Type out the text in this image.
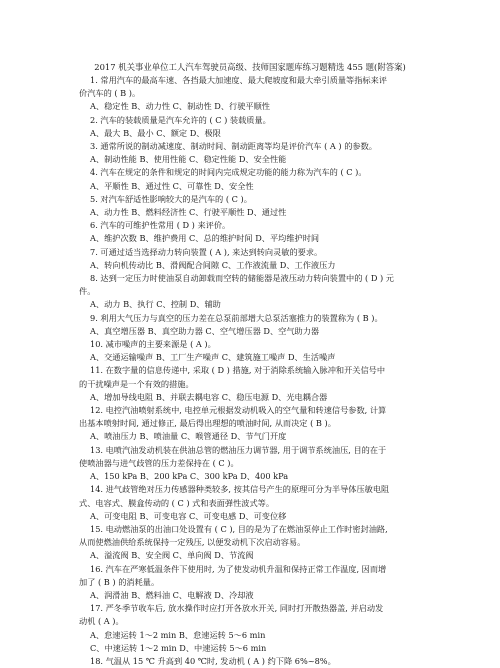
2017 机关事业单位工人汽车驾驶员高级、技师国家题库练习题精选 455 题(附答案)
1. 常用汽车的最高车速、各挡最大加速度、最大爬坡度和最大牵引质量等指标来评
价汽车的 ( B )。
A、稳定性 B、动力性 C、制动性 D、行驶平顺性
2. 汽车的装载质量是汽车允许的 ( C ) 装载质量。
A、最大 B、最小 C、额定 D、极限
3. 通常所说的制动减速度、制动时间、制动距离等均是评价汽车 ( A ) 的参数。
A、制动性能 B、使用性能 C、稳定性能 D、安全性能
4. 汽车在规定的条件和规定的时间内完成规定功能的能力称为汽车的 ( C )。
A、平顺性 B、通过性 C、可靠性 D、安全性
5. 对汽车舒适性影响较大的是汽车的 ( C )。
A、动力性 B、燃料经济性 C、行驶平顺性 D、通过性
6. 汽车的可维护性常用 ( D ) 来评价。
A、维护次数 B、维护费用 C、总的维护时间 D、平均维护时间
7. 可通过适当选择动力转向装置 ( A ), 来达到转向灵敏的要求。
A、转向机传动比 B、滑阀配合间隙 C、工作液流量 D、工作液压力
8. 达到一定压力时使油泵自动卸载而空转的储能器是液压动力转向装置中的 ( D ) 元
件。
A、动力 B、执行 C、控制 D、辅助
9. 利用大气压力与真空的压力差在总泵前部增大总泵活塞推力的装置称为 ( B )。
A、真空增压器 B、真空助力器 C、空气增压器 D、空气助力器
10. 减市噪声的主要来源是 ( A )。
A、交通运输噪声 B、工厂生产噪声 C、建筑施工噪声 D、生活噪声
11. 在数字量的信息传递中, 采取 ( D ) 措施, 对于消除系统输入脉冲和开关信号中
的干扰噪声是一个有效的措施。
A、增加导线电阻 B、并联去耦电容 C、稳压电源 D、光电耦合器
12. 电控汽油喷射系统中, 电控单元根据发动机吸入的空气量和转速信号参数, 计算
出基本喷射时间, 通过修正, 最后得出理想的喷油时间, 从而决定 ( B )。
A、喷油压力 B、喷油量 C、喉管通径 D、节气门开度
13. 电喷汽油发动机装在供油总管的燃油压力调节器, 用于调节系统油压, 目的在于
使喷油器与进气歧管的压力差保持在 ( C )。
A、150 kPa B、200 kPa C、300 kPa D、400 kPa
14. 进气歧管绝对压力传感器种类较多, 按其信号产生的原理可分为半导体压敏电阻
式、电容式、膜盒传动的 ( C ) 式和表面弹性波式等。
A、可变电阻 B、可变电容 C、可变电感 D、可变位移
15. 电动燃油泵的出油口处设置有 ( C ), 目的是为了在燃油泵停止工作时密封油路,
从而使燃油供给系统保持一定残压, 以便发动机下次启动容易。
A、溢流阀 B、安全阀 C、单向阀 D、节流阀
16. 汽车在严寒低温条件下使用时, 为了使发动机升温和保持正常工作温度, 因而增
加了 ( B ) 的消耗量。
A、润滑油 B、燃料油 C、电解液 D、冷却液
17. 严冬季节收车后, 放水操作时应打开各放水开关, 同时打开散热器盖, 并启动发
动机 ( A )。
A、怠速运转 1～2 min B、怠速运转 5～6 min
C、中速运转 1～2 min D、中速运转 5～6 min
18. 气温从 15 ℃ 升高到 40 ℃时, 发动机 ( A ) 约下降 6%~8%。
